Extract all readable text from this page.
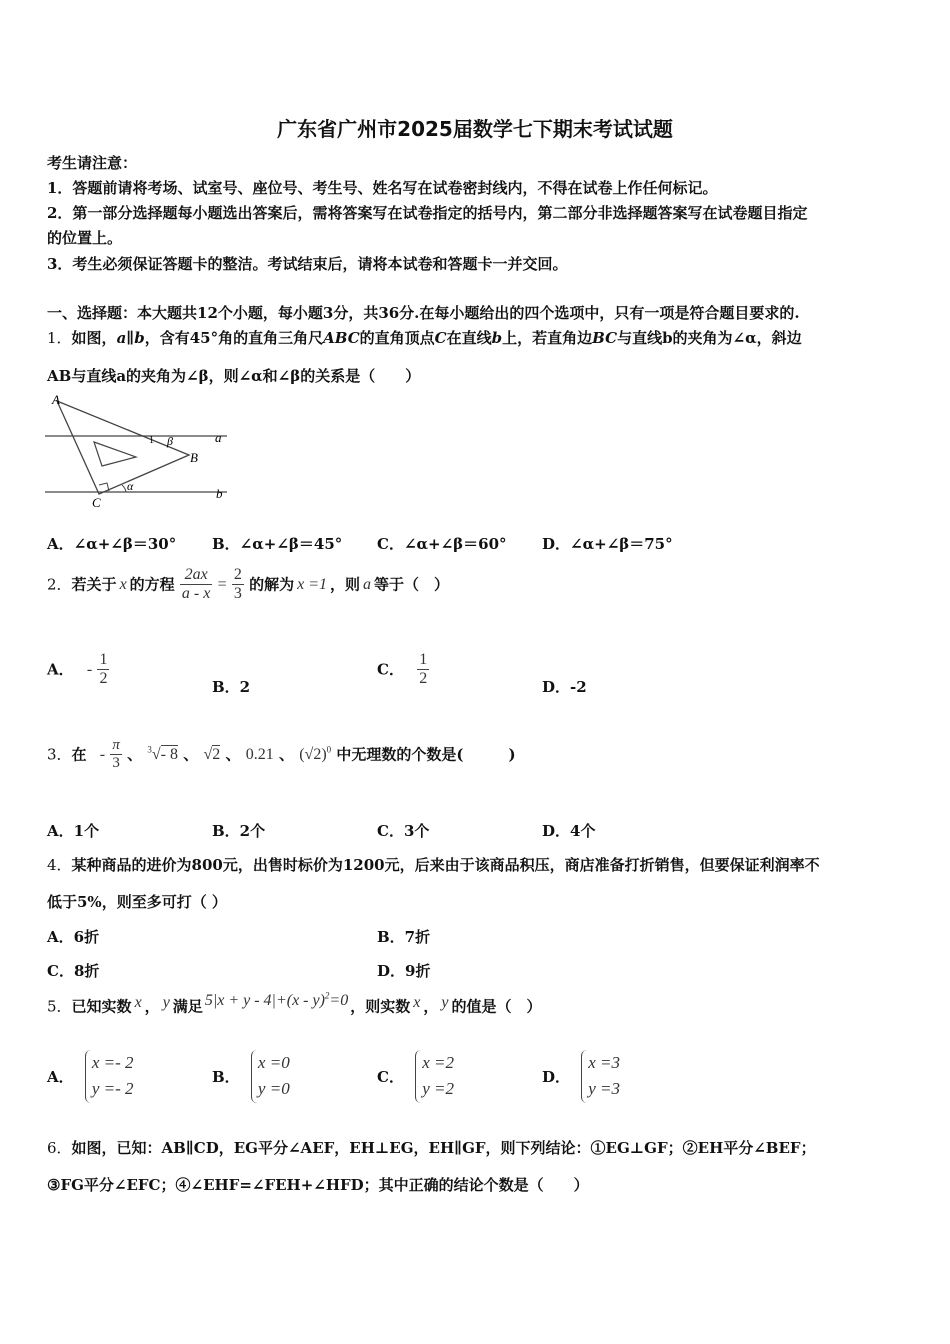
广东省广州市2025届数学七下期末考试试题
考生请注意：
1．答题前请将考场、试室号、座位号、考生号、姓名写在试卷密封线内，不得在试卷上作任何标记。
2．第一部分选择题每小题选出答案后，需将答案写在试卷指定的括号内，第二部分非选择题答案写在试卷题目指定
的位置上。
3．考生必须保证答题卡的整洁。考试结束后，请将本试卷和答题卡一并交回。
一、选择题：本大题共12个小题，每小题3分，共36分.在每小题给出的四个选项中，只有一项是符合题目要求的.
1．如图，a∥b，含有45°角的直角三角尺ABC的直角顶点C在直线b上，若直角边BC与直线b的夹角为∠α，斜边
AB与直线a的夹角为∠β，则∠α和∠β的关系是（　　）
A
B
C
a
b
α
β
1
A．∠α+∠β＝30° B．∠α+∠β＝45° C．∠α+∠β＝60° D．∠α+∠β＝75°
2．若关于 x 的方程 $\frac{2ax}{a - x} = \frac{2}{3}$ 的解为 x =1 ，则 a 等于（　）
A． - $\frac{1}{2}$	B．2
C． $\frac{1}{2}$	D．-2
3．在 - $\frac{\pi}{3}$ 、 $^3$√- 8 、 √2 、 0.21 、 $(√2)^0$ 中无理数的个数是(　　　)
A．1个	B．2个	C．3个	D．4个
4．某种商品的进价为800元，出售时标价为1200元，后来由于该商品积压，商店准备打折销售，但要保证利润率不
低于5%，则至多可打（ ）
A．6折	B．7折
C．8折	D．9折
5．已知实数 x ， y 满足 5|x + y - 4|+(x - y)$^2$=0 ，则实数 x ， y 的值是（　）
A．
x =- 2
y =- 2
B．
x =0
y =0
C．
x =2
y =2
D．
x =3
y =3
6．如图，已知：AB∥CD，EG平分∠AEF，EH⊥EG，EH∥GF，则下列结论：①EG⊥GF；②EH平分∠BEF；
③FG平分∠EFC；④∠EHF=∠FEH+∠HFD；其中正确的结论个数是（　　）
